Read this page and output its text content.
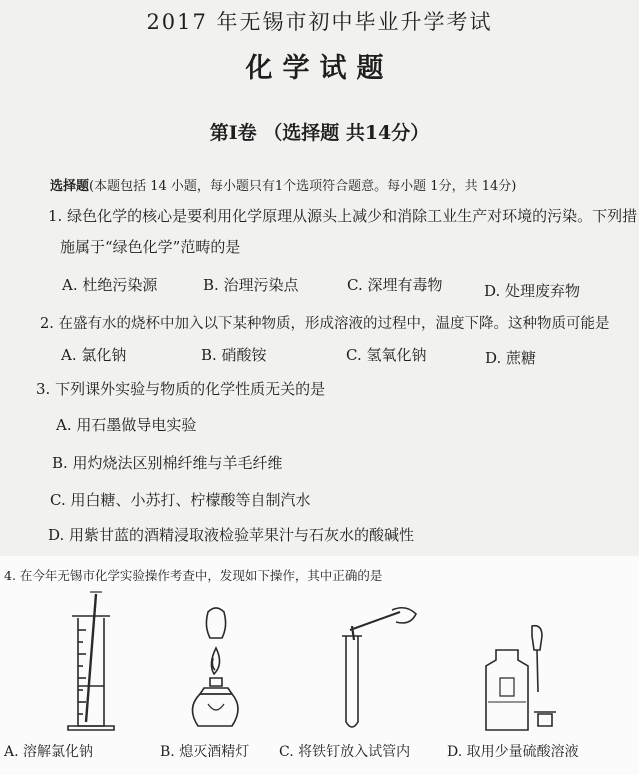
2017 年无锡市初中毕业升学考试
化学试题
第Ⅰ卷 （选择题 共14分）
选择题(本题包括 14 小题，每小题只有1个选项符合题意。每小题 1分，共 14分)
1. 绿色化学的核心是要利用化学原理从源头上减少和消除工业生产对环境的污染。下列措
施属于“绿色化学”范畴的是
A. 杜绝污染源	B. 治理污染点	C. 深埋有毒物	D. 处理废弃物
2. 在盛有水的烧杯中加入以下某种物质，形成溶液的过程中，温度下降。这种物质可能是
A. 氯化钠	B. 硝酸铵	C. 氢氧化钠	D. 蔗糖
3. 下列课外实验与物质的化学性质无关的是
A. 用石墨做导电实验
B. 用灼烧法区别棉纤维与羊毛纤维
C. 用白糖、小苏打、柠檬酸等自制汽水
D. 用紫甘蓝的酒精浸取液检验苹果汁与石灰水的酸碱性
4. 在今年无锡市化学实验操作考查中，发现如下操作，其中正确的是
A. 溶解氯化钠	B. 熄灭酒精灯 C. 将铁钉放入试管内	D. 取用少量硫酸溶液
